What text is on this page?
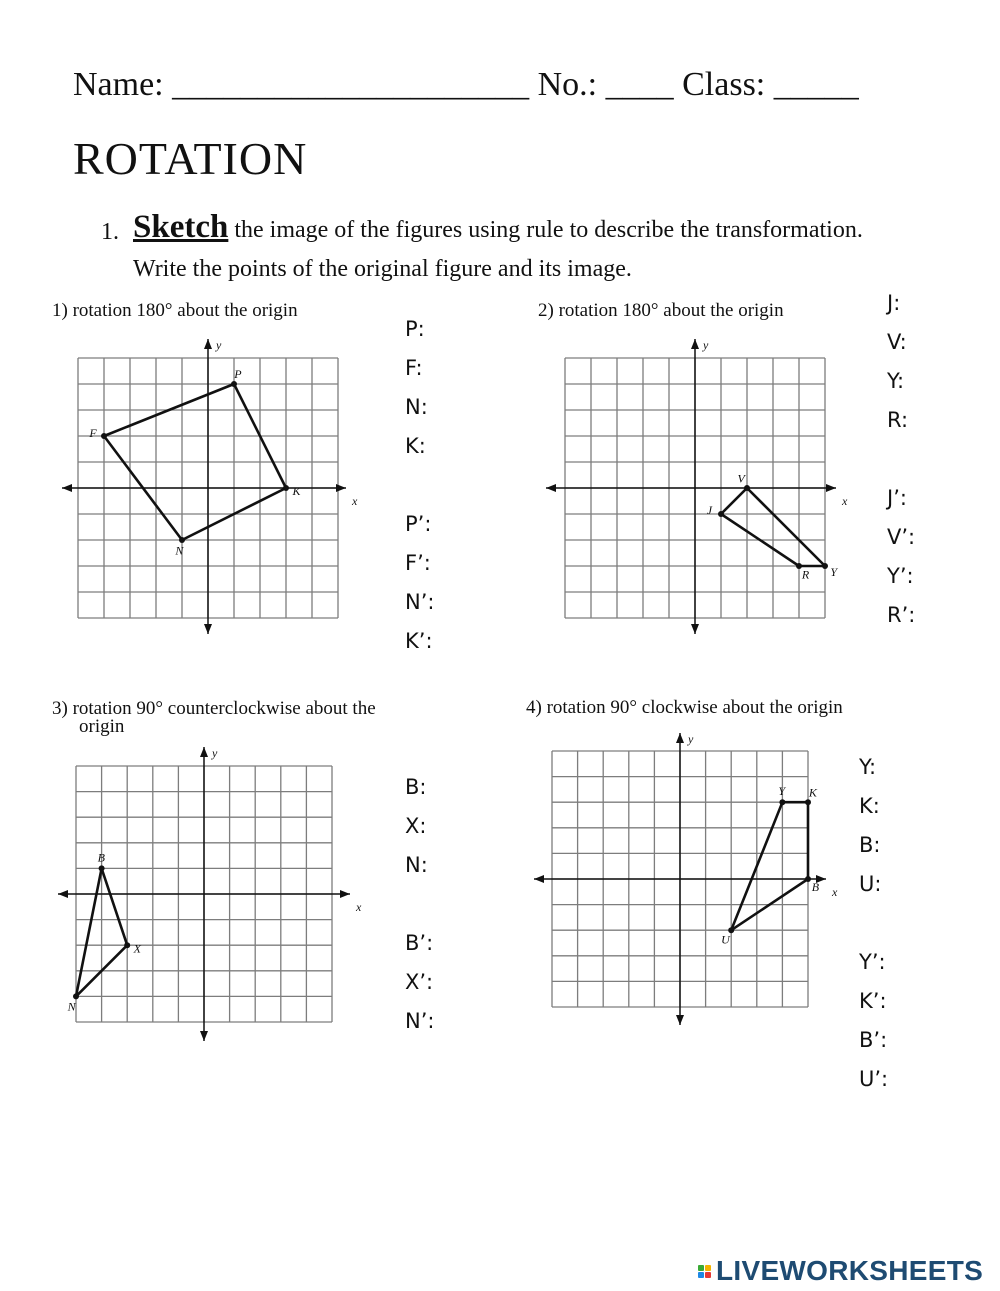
Name: _____________________ No.: ____ Class: _____
ROTATION
1. Sketch the image of the figures using rule to describe the transformation.
Write the points of the original figure and its image.
1) rotation 180° about the origin
x
y
P
K
N
F
P:
F:
N:
K:
P’:
F’:
N’:
K’:
2) rotation 180° about the origin
x
y
V
J
R Y
J:
V:
Y:
R:
J’:
V’:
Y’:
R’:
3) rotation 90° counterclockwise about the
origin
x
y
B
X
N
B:
X:
N:
B’:
X’:
N’:
4) rotation 90° clockwise about the origin
x
y
Y K
B
U
Y:
K:
B:
U:
Y’:
K’:
B’:
U’:
LIVEWORKSHEETS
